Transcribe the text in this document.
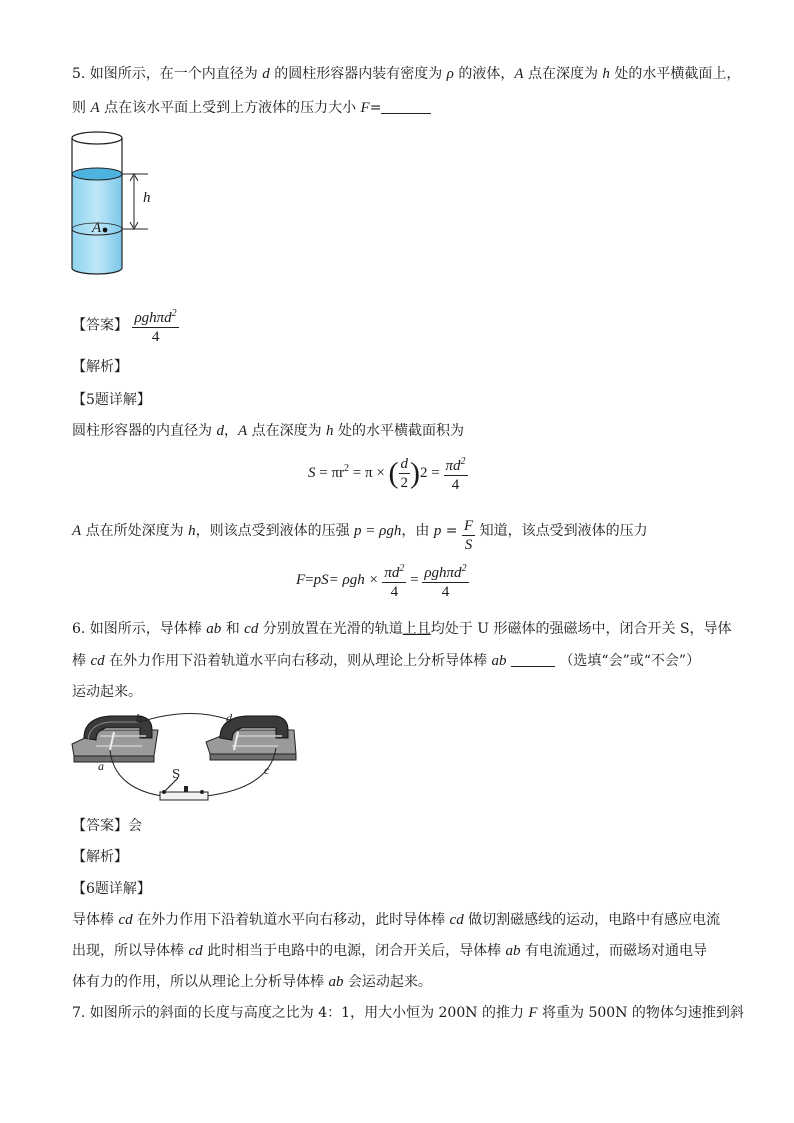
5. 如图所示，在一个内直径为 d 的圆柱形容器内装有密度为 ρ 的液体，A 点在深度为 h 处的水平横截面上，
则 A 点在该水平面上受到上方液体的压力大小 F=
h
A
【答案】 $\frac{\rho gh\pi d^2}{4}$
【解析】
【5题详解】
圆柱形容器的内直径为 d，A 点在深度为 h 处的水平横截面积为
$S = \pi r^2 = \pi$ × ( $\frac{d}{2} )2 = \frac{\pi d^2}{4}$
A 点在所处深度为 h，则该点受到液体的压强 p = ρgh，由 $p = \frac{F}{S}$ 知道，该点受到液体的压力
$F=pS= \rho gh \times \frac{\pi d^2}{4} = \frac{\rho gh\pi d^2}{4}$
6. 如图所示，导体棒 ab 和 cd 分别放置在光滑的轨道上且均处于 U 形磁体的强磁场中，闭合开关 S，导体
棒 cd 在外力作用下沿着轨道水平向右移动，则从理论上分析导体棒 ab	（选填“会”或“不会”）
运动起来。
b	d
a	c
S
【答案】会
【解析】
【6题详解】
导体棒 cd 在外力作用下沿着轨道水平向右移动，此时导体棒 cd 做切割磁感线的运动，电路中有感应电流
出现，所以导体棒 cd 此时相当于电路中的电源，闭合开关后，导体棒 ab 有电流通过，而磁场对通电导
体有力的作用，所以从理论上分析导体棒 ab 会运动起来。
7. 如图所示的斜面的长度与高度之比为 4：1，用大小恒为 200N 的推力 F 将重为 500N 的物体匀速推到斜
